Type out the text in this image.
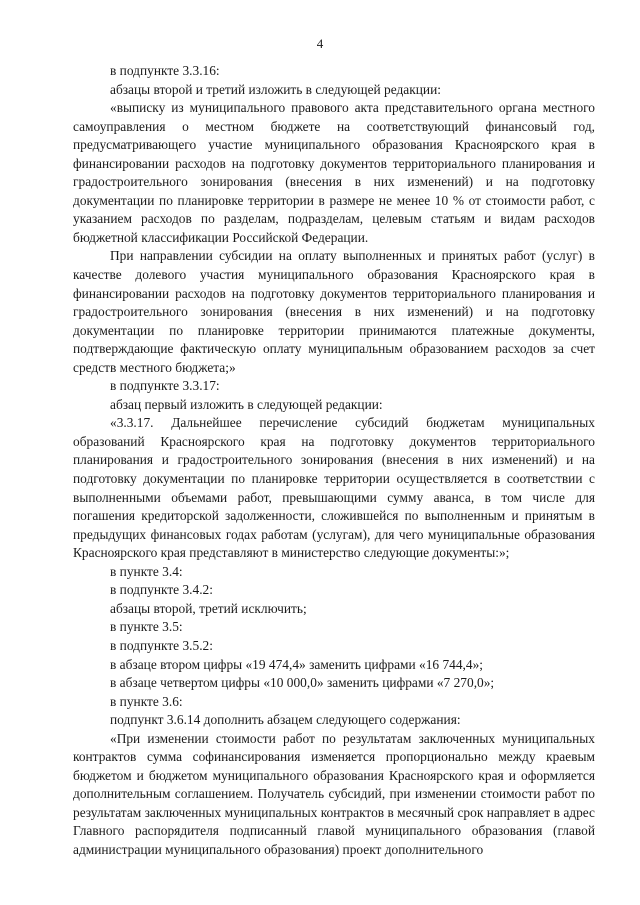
4

в подпункте 3.3.16:

абзацы второй и третий изложить в следующей редакции:

«выписку из муниципального правового акта представительного органа местного самоуправления о местном бюджете на соответствующий финансовый год, предусматривающего участие муниципального образования Красноярского края в финансировании расходов на подготовку документов территориального планирования и градостроительного зонирования (внесения в них изменений) и на подготовку документации по планировке территории в размере не менее 10 % от стоимости работ, с указанием расходов по разделам, подразделам, целевым статьям и видам расходов бюджетной классификации Российской Федерации.

При направлении субсидии на оплату выполненных и принятых работ (услуг) в качестве долевого участия муниципального образования Красноярского края в финансировании расходов на подготовку документов территориального планирования и градостроительного зонирования (внесения в них изменений) и на подготовку документации по планировке территории принимаются платежные документы, подтверждающие фактическую оплату муниципальным образованием расходов за счет средств местного бюджета;»

в подпункте 3.3.17:

абзац первый изложить в следующей редакции:

«3.3.17. Дальнейшее перечисление субсидий бюджетам муниципальных образований Красноярского края на подготовку документов территориального планирования и градостроительного зонирования (внесения в них изменений) и на подготовку документации по планировке территории осуществляется в соответствии с выполненными объемами работ, превышающими сумму аванса, в том числе для погашения кредиторской задолженности, сложившейся по выполненным и принятым в предыдущих финансовых годах работам (услугам), для чего муниципальные образования Красноярского края представляют в министерство следующие документы:»;

в пункте 3.4:

в подпункте 3.4.2:

абзацы второй, третий исключить;

в пункте 3.5:

в подпункте 3.5.2:

в абзаце втором цифры «19 474,4» заменить цифрами «16 744,4»;

в абзаце четвертом цифры «10 000,0» заменить цифрами «7 270,0»;

в пункте 3.6:

подпункт 3.6.14 дополнить абзацем следующего содержания:

«При изменении стоимости работ по результатам заключенных муниципальных контрактов сумма софинансирования изменяется пропорционально между краевым бюджетом и бюджетом муниципального образования Красноярского края и оформляется дополнительным соглашением. Получатель субсидий, при изменении стоимости работ по результатам заключенных муниципальных контрактов в месячный срок направляет в адрес Главного распорядителя подписанный главой муниципального образования (главой администрации муниципального образования) проект дополнительного
